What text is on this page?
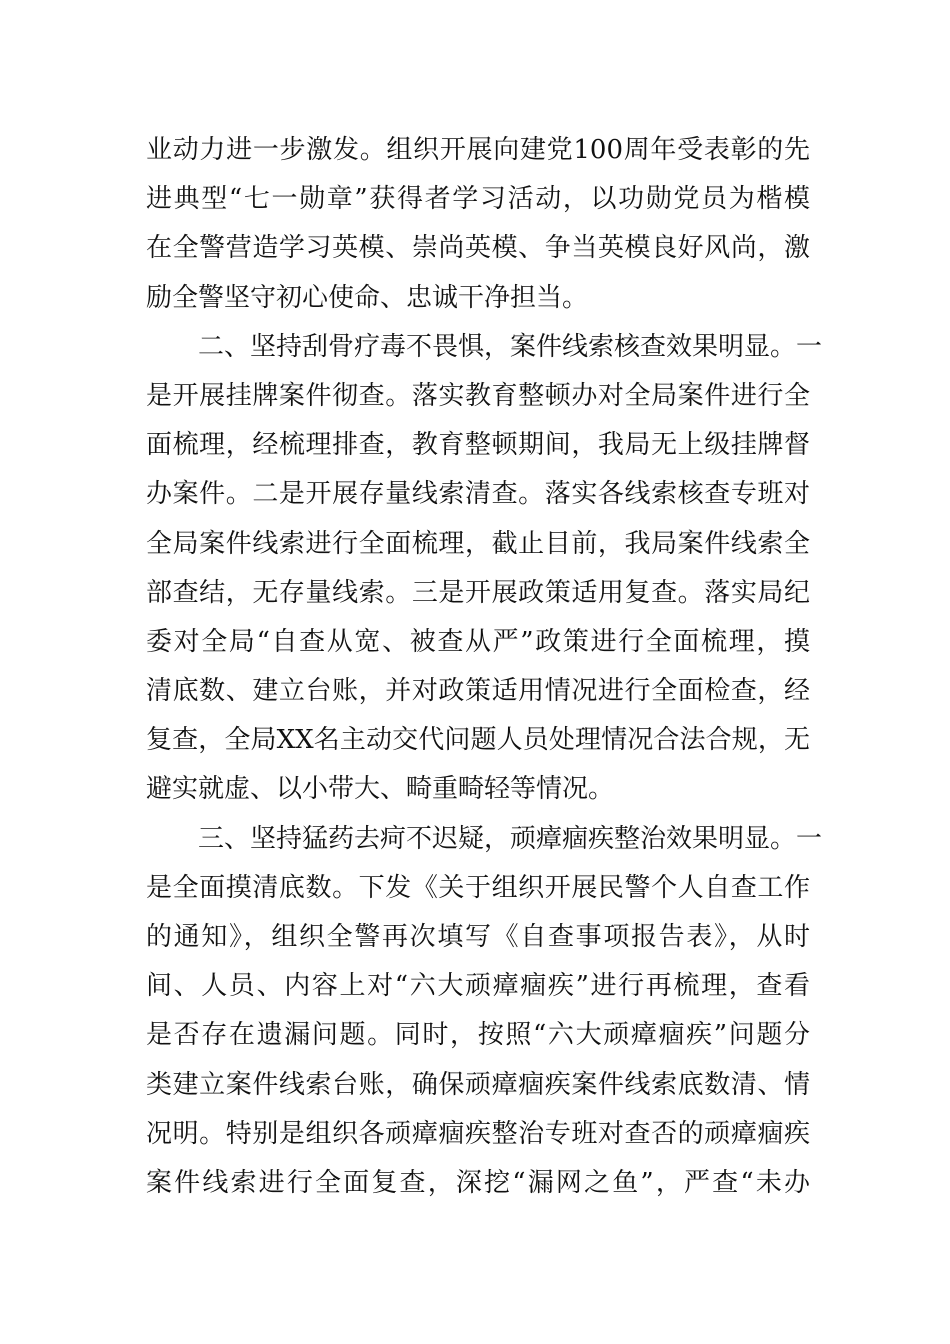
业动力进一步激发。组织开展向建党100周年受表彰的先
进典型“七一勋章”获得者学习活动，以功勋党员为楷模
在全警营造学习英模、崇尚英模、争当英模良好风尚，激
励全警坚守初心使命、忠诚干净担当。
二、坚持刮骨疗毒不畏惧，案件线索核查效果明显。一
是开展挂牌案件彻查。落实教育整顿办对全局案件进行全
面梳理，经梳理排查，教育整顿期间，我局无上级挂牌督
办案件。二是开展存量线索清查。落实各线索核查专班对
全局案件线索进行全面梳理，截止目前，我局案件线索全
部查结，无存量线索。三是开展政策适用复查。落实局纪
委对全局“自查从宽、被查从严”政策进行全面梳理，摸
清底数、建立台账，并对政策适用情况进行全面检查，经
复查，全局XX名主动交代问题人员处理情况合法合规，无
避实就虚、以小带大、畸重畸轻等情况。
三、坚持猛药去疴不迟疑，顽瘴痼疾整治效果明显。一
是全面摸清底数。下发《关于组织开展民警个人自查工作
的通知》，组织全警再次填写《自查事项报告表》，从时
间、人员、内容上对“六大顽瘴痼疾”进行再梳理，查看
是否存在遗漏问题。同时，按照“六大顽瘴痼疾”问题分
类建立案件线索台账，确保顽瘴痼疾案件线索底数清、情
况明。特别是组织各顽瘴痼疾整治专班对查否的顽瘴痼疾
案件线索进行全面复查，深挖“漏网之鱼”，严查“未办
